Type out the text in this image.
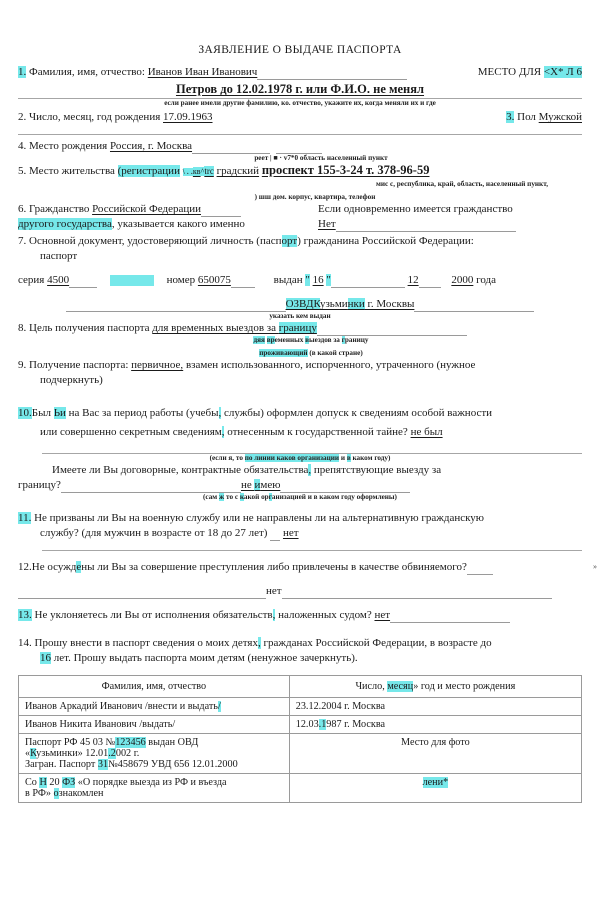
ЗАЯВЛЕНИЕ О ВЫДАЧЕ ПАСПОРТА
1. Фамилия, имя, отчество: Иванов Иван Иванович	МЕСТО ДЛЯ <X* Л 6
Петров до 12.02.1978 г. или Ф.И.О. не менял
если ранее имели другие фамилию, ко. отчество, укажите их, когда меняли их и где
2. Число, месяц, год рождения 17.09.1963	3. Пол Мужской
4. Место рождения Россия, г. Москва
реет | ■ · v7*0 область населенный пункт
5. Место жительства (регистрации \ . .кв^trc градский проспект 155-3-24 т. 378-96-59
мис с, республика, край, область, населенный пункт,
) шш дом. корпус, квартира, телефон
6. Гражданство Российской Федерации	Если одновременно имеется гражданство
другого государства, указывается какого именно	Нет
7. Основной документ, удостоверяющий личность (паспорт) гражданина Российской Федерации:
паспорт
серия 4500	номер 650075	выдан " 16 "	12	2000 года
ОЗВДКузьминки г. Москвы
указать кем выдан
8. Цель получения паспорта для временных выездов за границу
дяя временных выездов за границу
проживающий (в какой стране)
9. Получение паспорта: первичное, взамен использованного, испорченного, утраченного (нужное
подчеркнуть)
10.Был Ьи на Вас за период работы (учебы, службы) оформлен допуск к сведениям особой важности
или совершенно секретным сведениям, отнесенным к государственной тайне? не был
»
(если я, то по линии каков организации и в каком году)
Имеете ли Вы договорные, контрактные обязательства, препятствующие выезду за
границу?	не имею
(сам ж то с какой организацией и в каком году оформлены)
11. Не призваны ли Вы на военную службу или не направлены ли на альтернативную гражданскую
службу? (для мужчин в возрасте от 18 до 27 лет) нет
12.Не осуждены ли Вы за совершение преступления либо привлечены в качестве обвиняемого?
нет
13. Не уклоняетесь ли Вы от исполнения обязательств, наложенных судом? нет
14. Прошу внести в паспорт сведения о моих детях, гражданах Российской Федерации, в возрасте до
16 лет. Прошу выдать паспорта моим детям (ненужное зачеркнуть).
Фамилия, имя, отчество	Число, месяц» год и место рождения
Иванов Аркадий Иванович /внести и выдать/	23.12.2004 г. Москва
Иванов Никита Иванович /выдать/	12.03.1987 г. Москва

Паспорт РФ 45 03 №123456 выдан ОВД
«Кузьминки» 12.01.2002 г.
Загран. Паспорт 31№458679 УВД 656 12.01.2000	Место для фото

Со Н 20 ФЗ «О порядке выезда из РФ и въезда
в РФ» ознакомлен	лени*
